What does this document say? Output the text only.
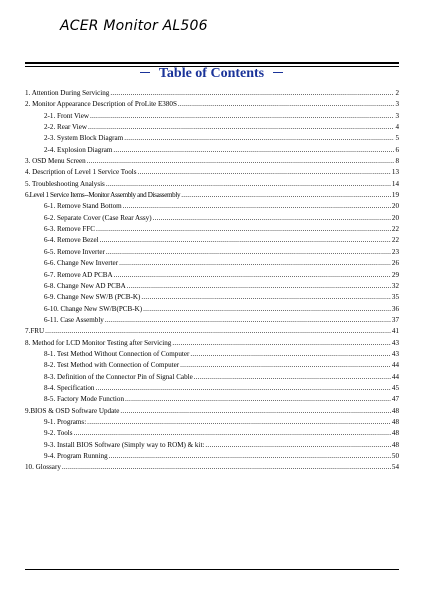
ACER Monitor AL506
Table of Contents
1. Attention During Servicing .....	2
2. Monitor Appearance Description of ProLite E380S .....	3
2-1. Front View .....	3
2-2. Rear View .....	4
2-3. System Block Diagram .....	5
2-4. Explosion Diagram .....	6
3. OSD Menu Screen .....	8
4. Description of Level 1 Service Tools .....	13
5. Troubleshooting Analysis .....	14
6.Level 1 Service Items--Monitor Assembly and Disassembly .....	19
6-1. Remove Stand Bottom .....	20
6-2. Separate Cover (Case Rear Assy) .....	20
6-3. Remove FFC .....	22
6-4. Remove Bezel .....	22
6-5. Remove Inverter .....	23
6-6. Change New Inverter .....	26
6-7. Remove AD PCBA .....	29
6-8. Change New AD PCBA .....	32
6-9. Change New SW/B (PCB-K) .....	35
6-10. Change New SW/B(PCB-K) .....	36
6-11. Case Assembly .....	37
7.FRU .....	41
8. Method for LCD Monitor Testing after Servicing .....	43
8-1. Test Method Without Connection of Computer .....	43
8-2. Test Method with Connection of Computer .....	44
8-3. Definition of the Connector Pin of Signal Cable .....	44
8-4. Specification .....	45
8-5. Factory Mode Function .....	47
9.BIOS & OSD Software Update .....	48
9-1. Programs: .....	48
9-2. Tools .....	48
9-3. Install BIOS Software (Simply way to ROM) & kit: .....	48
9-4. Program Running .....	50
10. Glossary .....	54
